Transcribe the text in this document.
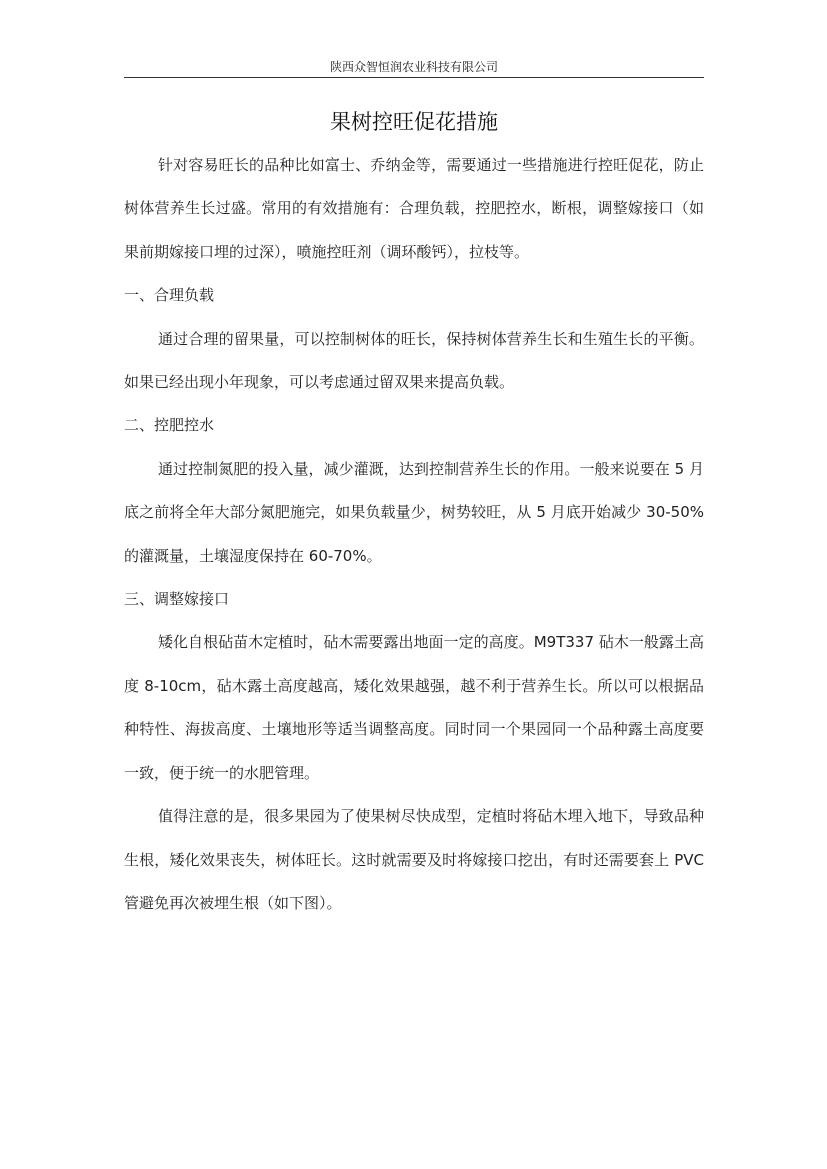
陕西众智恒润农业科技有限公司
果树控旺促花措施

针对容易旺长的品种比如富士、乔纳金等，需要通过一些措施进行控旺促花，防止树体营养生长过盛。常用的有效措施有：合理负载，控肥控水，断根，调整嫁接口（如果前期嫁接口埋的过深），喷施控旺剂（调环酸钙），拉枝等。

一、合理负载

通过合理的留果量，可以控制树体的旺长，保持树体营养生长和生殖生长的平衡。如果已经出现小年现象，可以考虑通过留双果来提高负载。

二、控肥控水

通过控制氮肥的投入量，减少灌溉，达到控制营养生长的作用。一般来说要在 5 月底之前将全年大部分氮肥施完，如果负载量少，树势较旺，从 5 月底开始减少 30-50%的灌溉量，土壤湿度保持在 60-70%。

三、调整嫁接口

矮化自根砧苗木定植时，砧木需要露出地面一定的高度。M9T337 砧木一般露土高度 8-10cm，砧木露土高度越高，矮化效果越强，越不利于营养生长。所以可以根据品种特性、海拔高度、土壤地形等适当调整高度。同时同一个果园同一个品种露土高度要一致，便于统一的水肥管理。

值得注意的是，很多果园为了使果树尽快成型，定植时将砧木埋入地下，导致品种生根，矮化效果丧失，树体旺长。这时就需要及时将嫁接口挖出，有时还需要套上 PVC 管避免再次被埋生根（如下图）。
